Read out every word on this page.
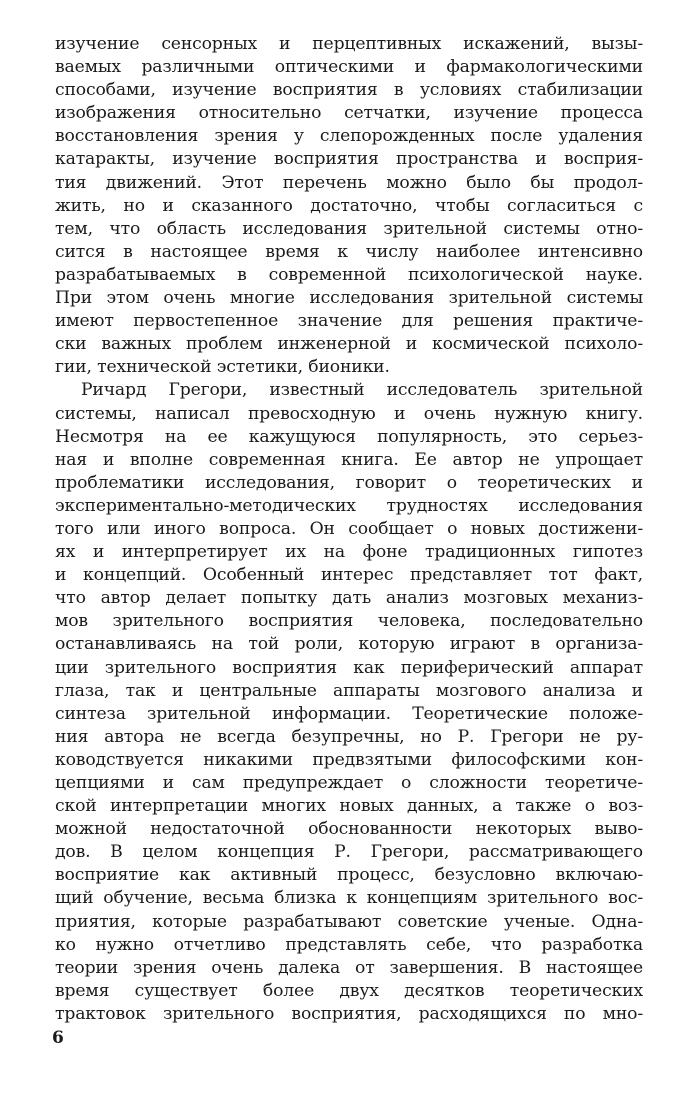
изучение сенсорных и перцептивных искажений, вызы-
ваемых различными оптическими и фармакологическими
способами, изучение восприятия в условиях стабилизации
изображения относительно сетчатки, изучение процесса
восстановления зрения у слепорожденных после удаления
катаракты, изучение восприятия пространства и восприя-
тия движений. Этот перечень можно было бы продол-
жить, но и сказанного достаточно, чтобы согласиться с
тем, что область исследования зрительной системы отно-
сится в настоящее время к числу наиболее интенсивно
разрабатываемых в современной психологической науке.
При этом очень многие исследования зрительной системы
имеют первостепенное значение для решения практиче-
ски важных проблем инженерной и космической психоло-
гии, технической эстетики, бионики.
Ричард Грегори, известный исследователь зрительной
системы, написал превосходную и очень нужную книгу.
Несмотря на ее кажущуюся популярность, это серьез-
ная и вполне современная книга. Ее автор не упрощает
проблематики исследования, говорит о теоретических и
экспериментально-методических трудностях исследования
того или иного вопроса. Он сообщает о новых достижени-
ях и интерпретирует их на фоне традиционных гипотез
и концепций. Особенный интерес представляет тот факт,
что автор делает попытку дать анализ мозговых механиз-
мов зрительного восприятия человека, последовательно
останавливаясь на той роли, которую играют в организа-
ции зрительного восприятия как периферический аппарат
глаза, так и центральные аппараты мозгового анализа и
синтеза зрительной информации. Теоретические положе-
ния автора не всегда безупречны, но Р. Грегори не ру-
ководствуется никакими предвзятыми философскими кон-
цепциями и сам предупреждает о сложности теоретиче-
ской интерпретации многих новых данных, а также о воз-
можной недостаточной обоснованности некоторых выво-
дов. В целом концепция Р. Грегори, рассматривающего
восприятие как активный процесс, безусловно включаю-
щий обучение, весьма близка к концепциям зрительного вос-
приятия, которые разрабатывают советские ученые. Одна-
ко нужно отчетливо представлять себе, что разработка
теории зрения очень далека от завершения. В настоящее
время существует более двух десятков теоретических
трактовок зрительного восприятия, расходящихся по мно-
6
